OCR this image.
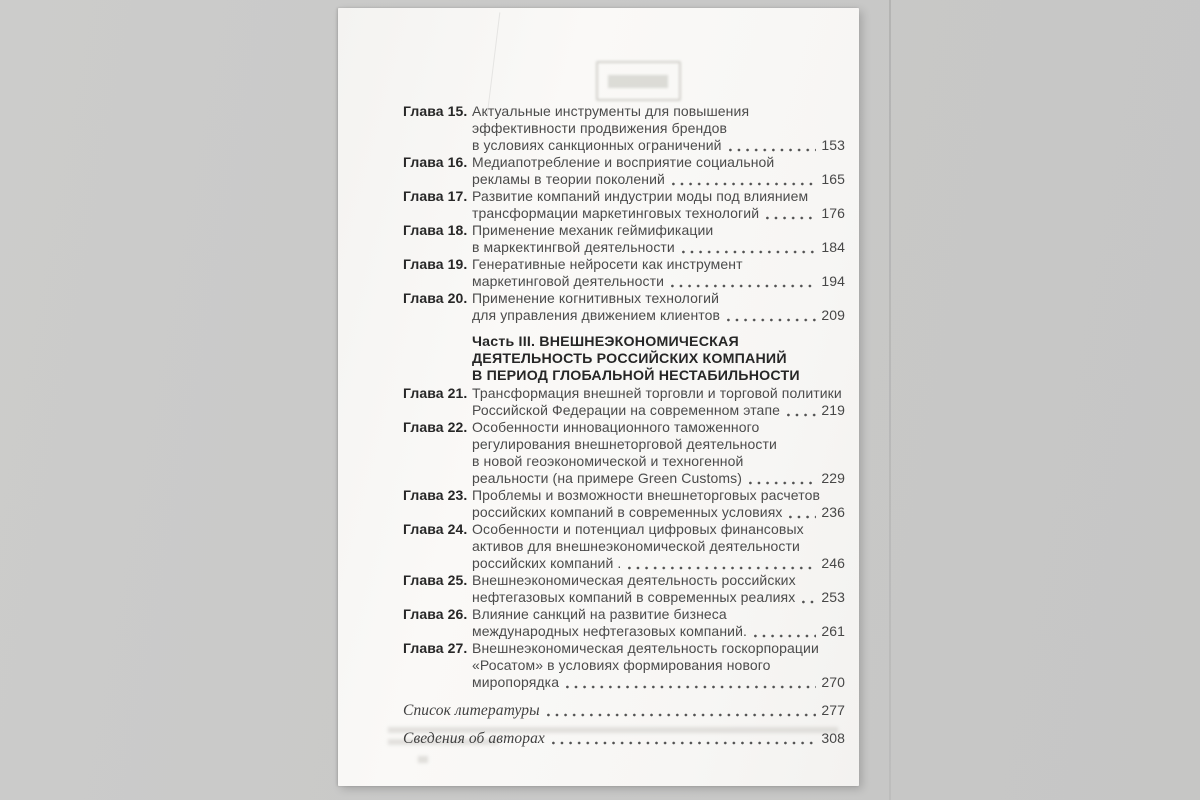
Глава 15. Актуальные инструменты для повышения
эффективности продвижения брендов
в условиях санкционных ограничений	153
Глава 16. Медиапотребление и восприятие социальной
рекламы в теории поколений	165
Глава 17. Развитие компаний индустрии моды под влиянием
трансформации маркетинговых технологий	176
Глава 18. Применение механик геймификации
в маркектингвой деятельности	184
Глава 19. Генеративные нейросети как инструмент
маркетинговой деятельности	194
Глава 20. Применение когнитивных технологий
для управления движением клиентов	209
Часть III. ВНЕШНЕЭКОНОМИЧЕСКАЯ
ДЕЯТЕЛЬНОСТЬ РОССИЙСКИХ КОМПАНИЙ
В ПЕРИОД ГЛОБАЛЬНОЙ НЕСТАБИЛЬНОСТИ
Глава 21. Трансформация внешней торговли и торговой политики
Российской Федерации на современном этапе	219
Глава 22. Особенности инновационного таможенного
регулирования внешнеторговой деятельности
в новой геоэкономической и техногенной
реальности (на примере Green Customs)	229
Глава 23. Проблемы и возможности внешнеторговых расчетов
российских компаний в современных условиях	236
Глава 24. Особенности и потенциал цифровых финансовых
активов для внешнеэкономической деятельности
российских компаний .	246
Глава 25. Внешнеэкономическая деятельность российских
нефтегазовых компаний в современных реалиях 253
Глава 26. Влияние санкций на развитие бизнеса
международных нефтегазовых компаний.	261
Глава 27. Внешнеэкономическая деятельность госкорпорации
«Росатом» в условиях формирования нового
миропорядка	270
Список литературы	277
Сведения об авторах	308
